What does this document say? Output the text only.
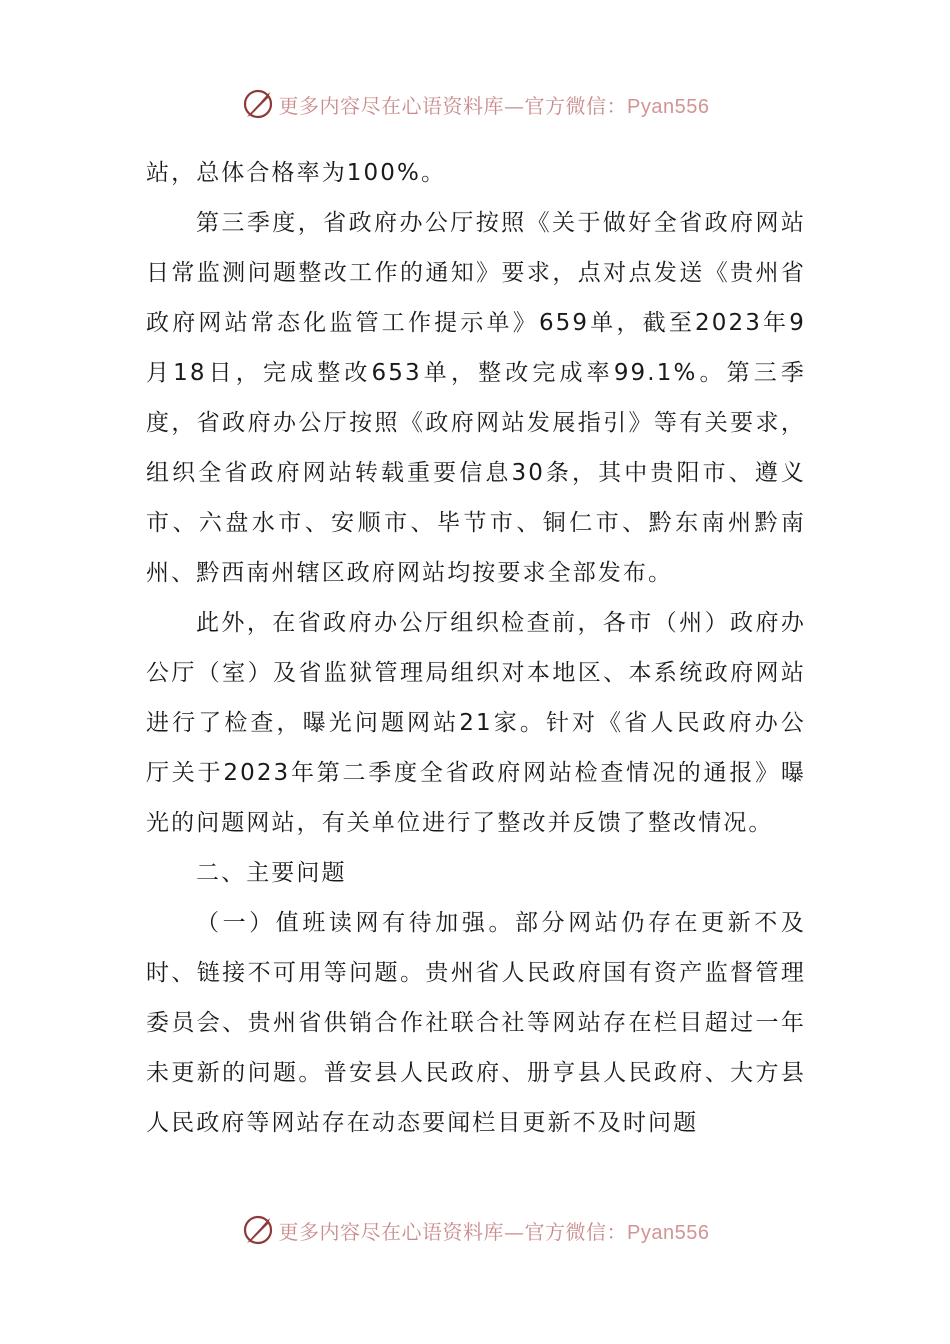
更多内容尽在心语资料库—官方微信：Pyan556

站，总体合格率为100%。

第三季度，省政府办公厅按照《关于做好全省政府网站日常监测问题整改工作的通知》要求，点对点发送《贵州省政府网站常态化监管工作提示单》659单，截至2023年9月18日，完成整改653单，整改完成率99.1%。第三季度，省政府办公厅按照《政府网站发展指引》等有关要求，组织全省政府网站转载重要信息30条，其中贵阳市、遵义市、六盘水市、安顺市、毕节市、铜仁市、黔东南州黔南州、黔西南州辖区政府网站均按要求全部发布。

此外，在省政府办公厅组织检查前，各市（州）政府办公厅（室）及省监狱管理局组织对本地区、本系统政府网站进行了检查，曝光问题网站21家。针对《省人民政府办公厅关于2023年第二季度全省政府网站检查情况的通报》曝光的问题网站，有关单位进行了整改并反馈了整改情况。

二、主要问题

（一）值班读网有待加强。部分网站仍存在更新不及时、链接不可用等问题。贵州省人民政府国有资产监督管理委员会、贵州省供销合作社联合社等网站存在栏目超过一年未更新的问题。普安县人民政府、册亨县人民政府、大方县人民政府等网站存在动态要闻栏目更新不及时问题

更多内容尽在心语资料库—官方微信：Pyan556
